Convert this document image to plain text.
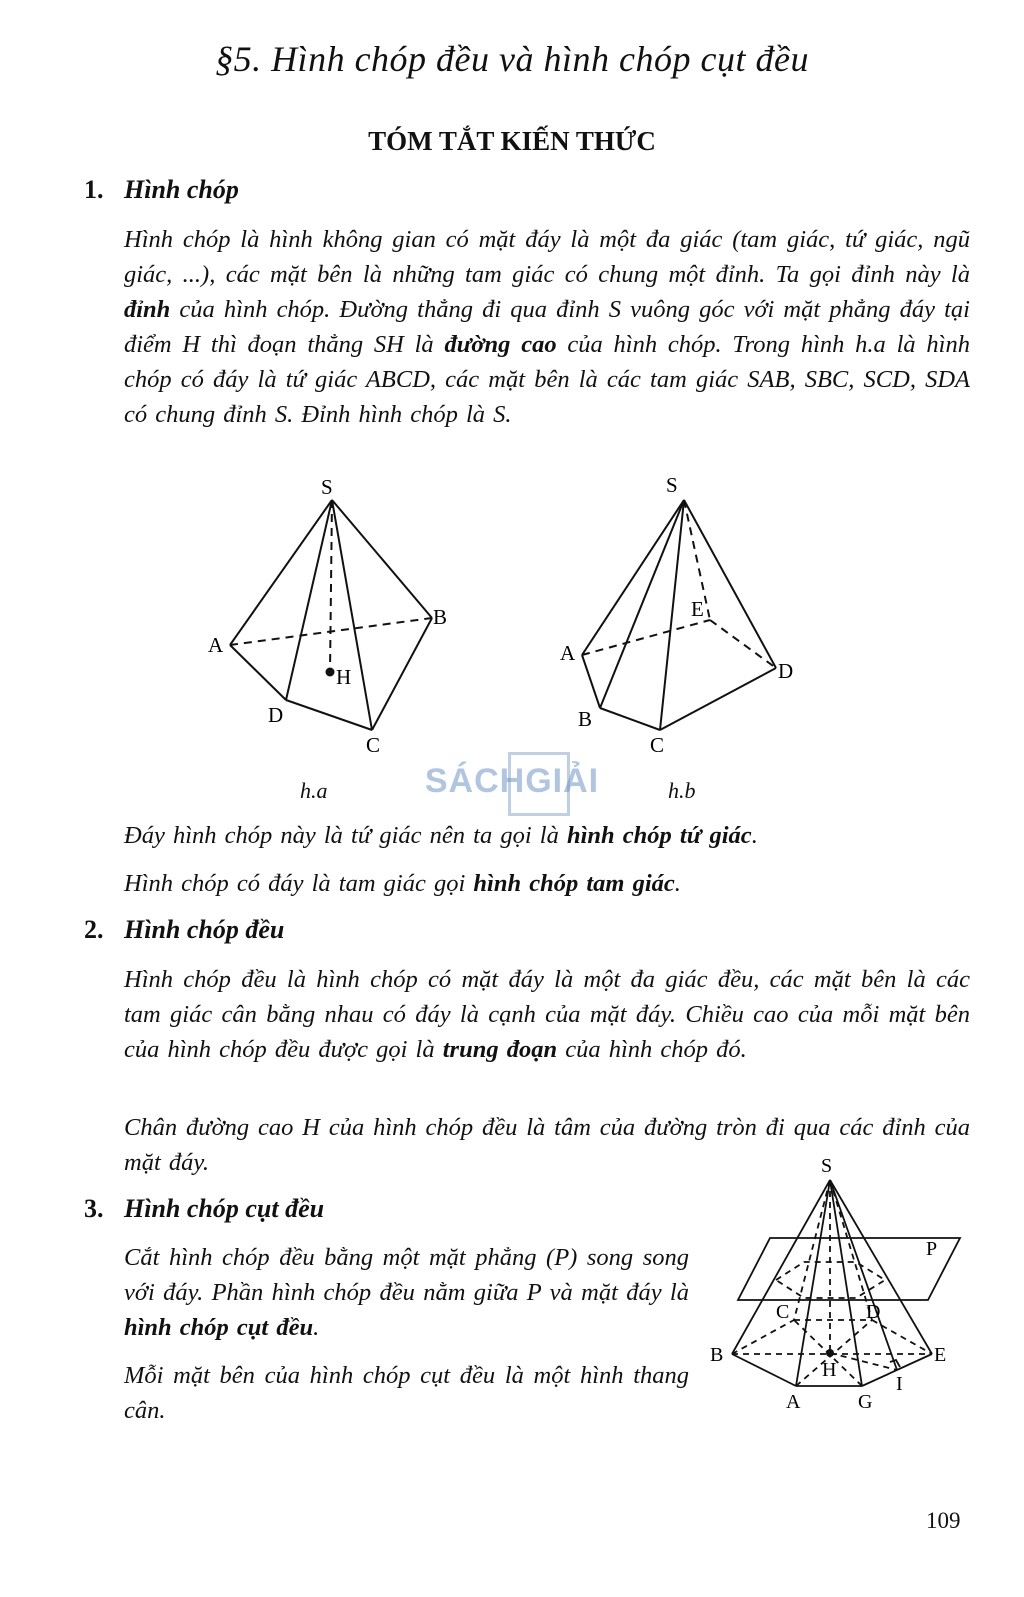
§5. Hình chóp đều và hình chóp cụt đều
TÓM TẮT KIẾN THỨC
1. Hình chóp
Hình chóp là hình không gian có mặt đáy là một đa giác (tam giác, tứ giác, ngũ giác, ...), các mặt bên là những tam giác có chung một đỉnh. Ta gọi đỉnh này là đỉnh của hình chóp. Đường thẳng đi qua đỉnh S vuông góc với mặt phẳng đáy tại điểm H thì đoạn thẳng SH là đường cao của hình chóp. Trong hình h.a là hình chóp có đáy là tứ giác ABCD, các mặt bên là các tam giác SAB, SBC, SCD, SDA có chung đỉnh S. Đỉnh hình chóp là S.
S
A
B
H
D
C
h.a
S
E
A
D
B
C
h.b
SÁCHGIẢI
Đáy hình chóp này là tứ giác nên ta gọi là hình chóp tứ giác.
Hình chóp có đáy là tam giác gọi hình chóp tam giác.
2. Hình chóp đều
Hình chóp đều là hình chóp có mặt đáy là một đa giác đều, các mặt bên là các tam giác cân bằng nhau có đáy là cạnh của mặt đáy. Chiều cao của mỗi mặt bên của hình chóp đều được gọi là trung đoạn của hình chóp đó.
Chân đường cao H của hình chóp đều là tâm của đường tròn đi qua các đỉnh của mặt đáy.
3. Hình chóp cụt đều
Cắt hình chóp đều bằng một mặt phẳng (P) song song với đáy. Phần hình chóp đều nằm giữa P và mặt đáy là hình chóp cụt đều.
Mỗi mặt bên của hình chóp cụt đều là một hình thang cân.
S
P
C	D
B	E
H
I
A	G
109
